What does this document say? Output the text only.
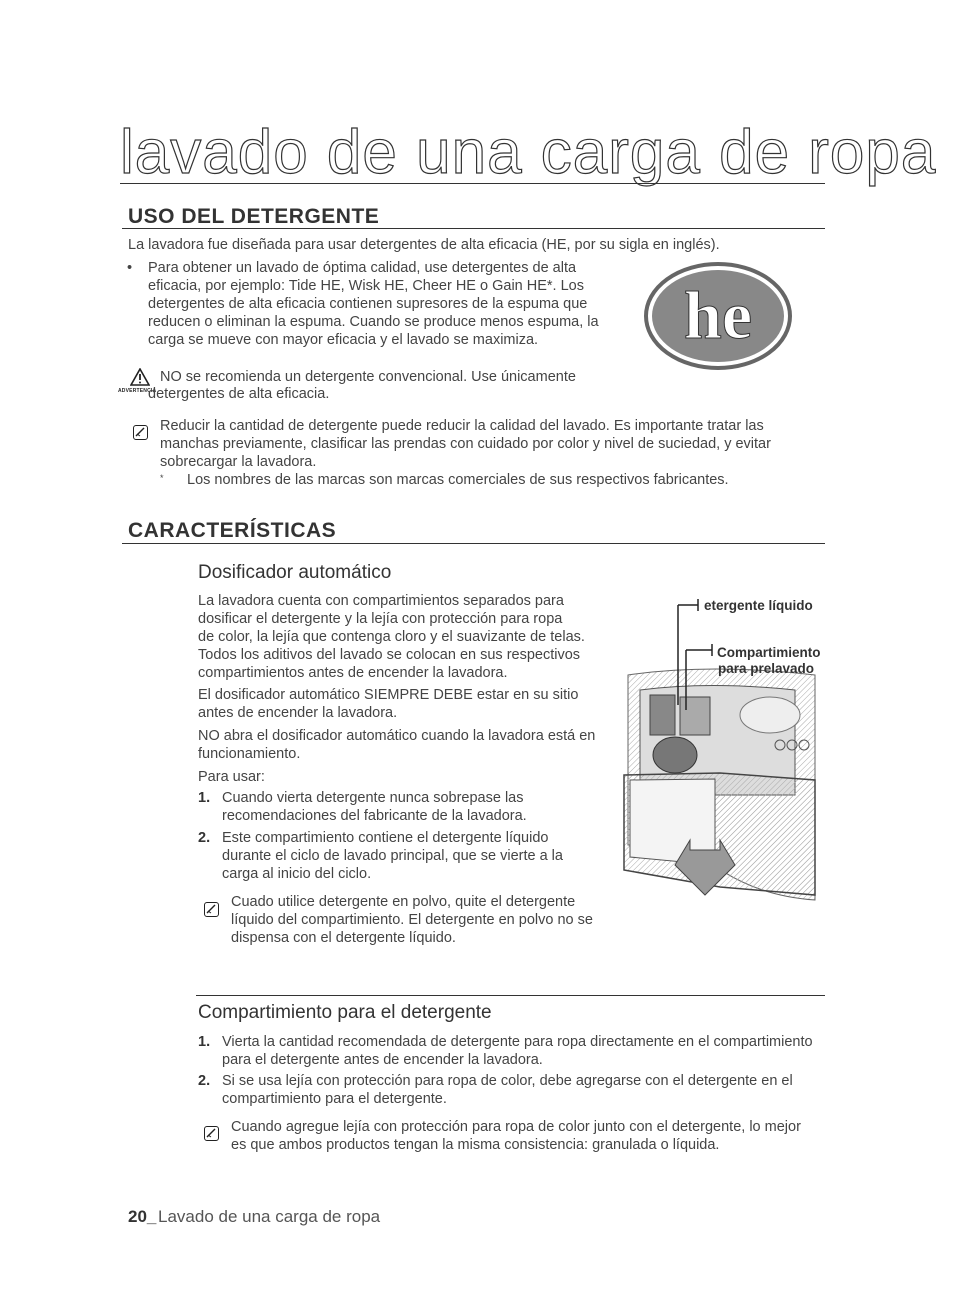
lavado de una carga de ropa
USO DEL DETERGENTE
La lavadora fue diseñada para usar detergentes de alta eficacia (HE, por su sigla en inglés).
• Para obtener un lavado de óptima calidad, use detergentes de alta
eficacia, por ejemplo: Tide HE, Wisk HE, Cheer HE o Gain HE*. Los
detergentes de alta eficacia contienen supresores de la espuma que
reducen o eliminan la espuma. Cuando se produce menos espuma, la
carga se mueve con mayor eficacia y el lavado se maximiza.	he
ADVERTENCIA
NO se recomienda un detergente convencional. Use únicamente
detergentes de alta eficacia.
Reducir la cantidad de detergente puede reducir la calidad del lavado. Es importante tratar las
manchas previamente, clasificar las prendas con cuidado por color y nivel de suciedad, y evitar
sobrecargar la lavadora.
* Los nombres de las marcas son marcas comerciales de sus respectivos fabricantes.
CARACTERÍSTICAS
Dosificador automático
La lavadora cuenta con compartimientos separados para
dosificar el detergente y la lejía con protección para ropa
de color, la lejía que contenga cloro y el suavizante de telas.
Todos los aditivos del lavado se colocan en sus respectivos
compartimientos antes de encender la lavadora.
El dosificador automático SIEMPRE DEBE estar en su sitio
antes de encender la lavadora.
NO abra el dosificador automático cuando la lavadora está en
funcionamiento.
Para usar:
1. Cuando vierta detergente nunca sobrepase las
recomendaciones del fabricante de la lavadora.
2. Este compartimiento contiene el detergente líquido
durante el ciclo de lavado principal, que se vierte a la
carga al inicio del ciclo.
Cuado utilice detergente en polvo, quite el detergente
líquido del compartimiento. El detergente en polvo no se
dispensa con el detergente líquido.
etergente líquido
Compartimiento
para prelavado
Compartimiento para el detergente
1. Vierta la cantidad recomendada de detergente para ropa directamente en el compartimiento
para el detergente antes de encender la lavadora.
2. Si se usa lejía con protección para ropa de color, debe agregarse con el detergente en el
compartimiento para el detergente.
Cuando agregue lejía con protección para ropa de color junto con el detergente, lo mejor
es que ambos productos tengan la misma consistencia: granulada o líquida.
20_ Lavado de una carga de ropa
